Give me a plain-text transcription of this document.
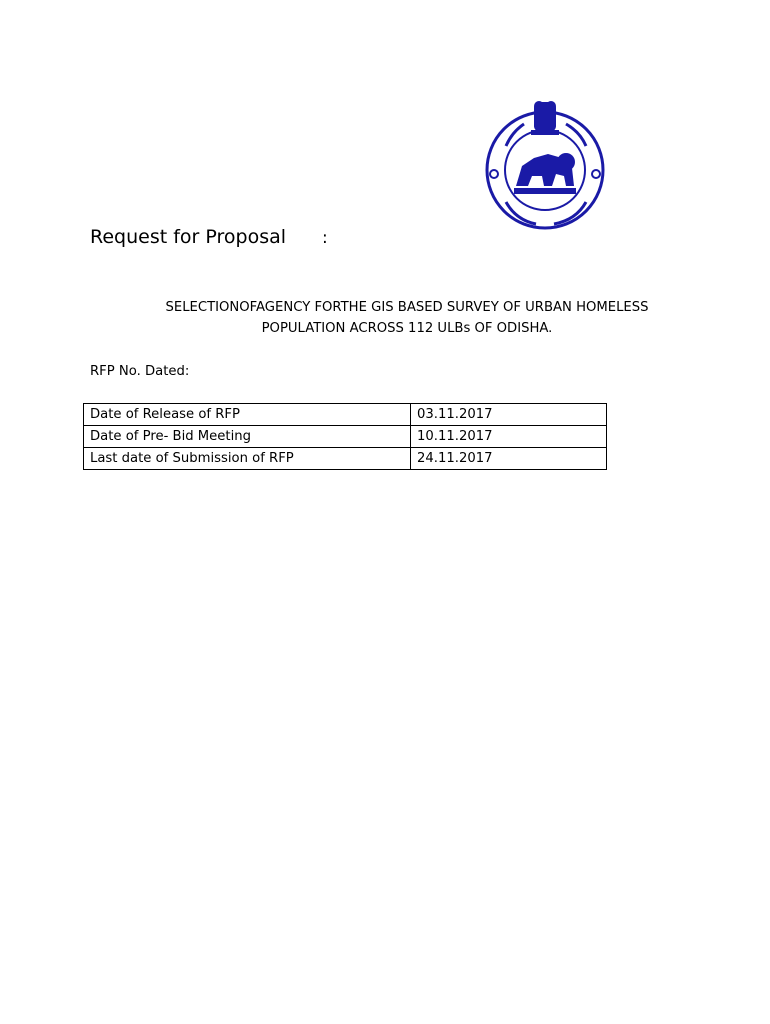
Request for Proposal :
SELECTIONOFAGENCY FORTHE GIS BASED SURVEY OF URBAN HOMELESS
POPULATION ACROSS 112 ULBs OF ODISHA.
RFP No. Dated:
Date of Release of RFP	03.11.2017
Date of Pre- Bid Meeting	10.11.2017
Last date of Submission of RFP	24.11.2017
